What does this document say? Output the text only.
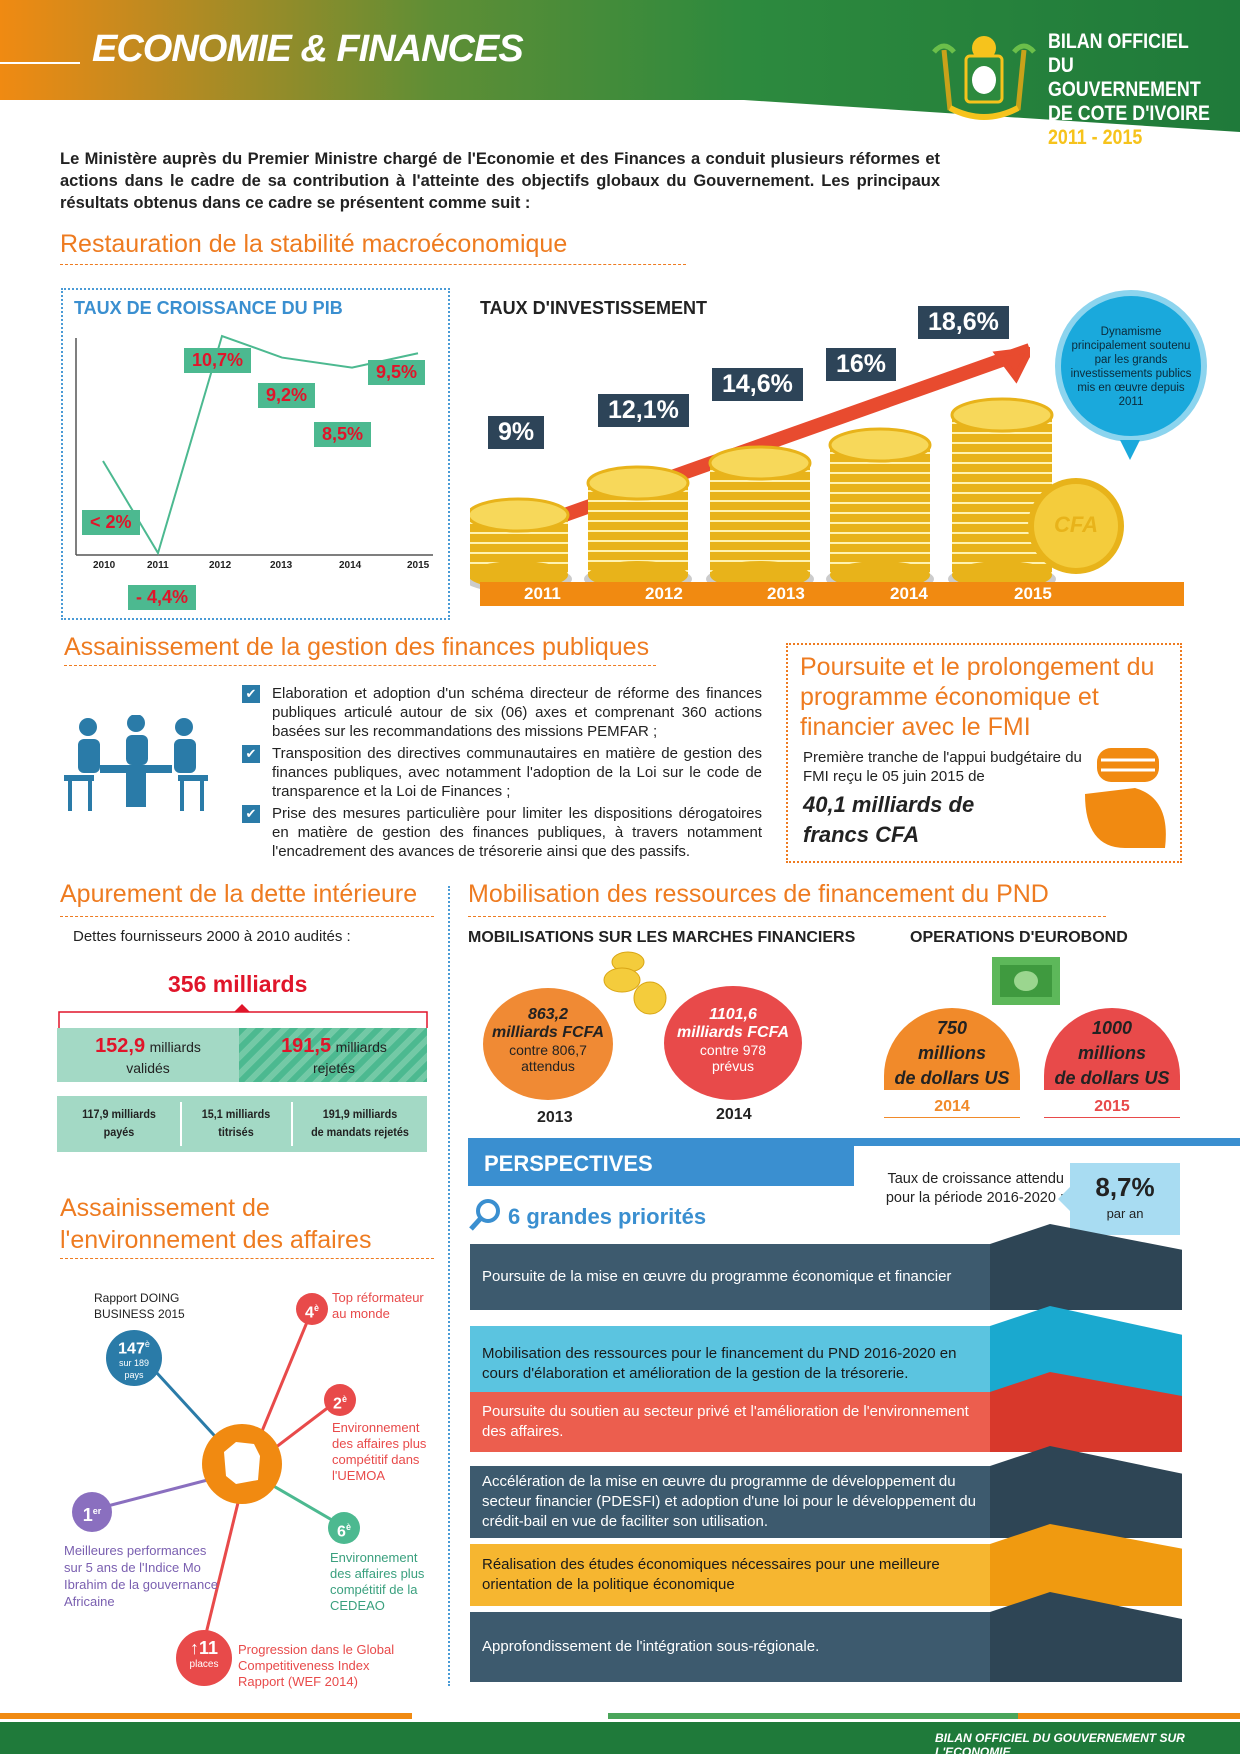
ECONOMIE & FINANCES	BILAN OFFICIEL
DU GOUVERNEMENT
DE COTE D'IVOIRE
2011 - 2015
Le Ministère auprès du Premier Ministre chargé de l'Economie et des Finances a conduit plusieurs réformes et actions dans le cadre de sa contribution à l'atteinte des objectifs globaux du Gouvernement. Les principaux résultats obtenus dans ce cadre se présentent comme suit :
Restauration de la stabilité macroéconomique
TAUX DE CROISSANCE DU PIB
< 2%
- 4,4%
10,7%
9,2%
8,5%
9,5%
2010	2011	2012	2013	2014	2015
TAUX D'INVESTISSEMENT
9%
12,1%
14,6%
16%
18,6%
2011	2012	2013	2014	2015
CFA
Dynamisme principalement soutenu par les grands investissements publics mis en œuvre depuis 2011
Assainissement de la gestion des finances publiques
✔ Elaboration et adoption d'un schéma directeur de réforme des finances publiques articulé autour de six (06) axes et comprenant 360 actions basées sur les recommandations des missions PEMFAR ;
✔ Transposition des directives communautaires en matière de gestion des finances publiques, avec notamment l'adoption de la Loi sur le code de transparence et la Loi de Finances ;
✔ Prise des mesures particulière pour limiter les dispositions dérogatoires en matière de gestion des finances publiques, à travers notamment l'encadrement des avances de trésorerie ainsi que des passifs.
Poursuite et le prolongement du programme économique et financier avec le FMI
Première tranche de l'appui budgétaire du FMI reçu le 05 juin 2015 de
40,1 milliards de francs CFA
Apurement de la dette intérieure
Dettes fournisseurs 2000 à 2010 audités :
356 milliards
152,9 milliards
validés
191,5 milliards
rejetés
117,9 milliards
payés
15,1 milliards
titrisés
191,9 milliards
de mandats rejetés
Mobilisation des ressources de financement du PND
MOBILISATIONS SUR LES MARCHES FINANCIERS	OPERATIONS D'EUROBOND
863,2
milliards FCFA
contre 806,7
attendus
2013
1101,6
milliards FCFA
contre 978
prévus
2014
750
millions
de dollars US
2014
1000
millions
de dollars US
2015
PERSPECTIVES
Taux de croissance attendu pour la période 2016-2020 :	8,7%
par an
6 grandes priorités
Poursuite de la mise en œuvre du programme économique et financier
Mobilisation des ressources pour le financement du PND 2016-2020 en cours d'élaboration et amélioration de la gestion de la trésorerie.
Poursuite du soutien au secteur privé et l'amélioration de l'environnement des affaires.
Accélération de la mise en œuvre du programme de développement du secteur financier (PDESFI) et adoption d'une loi pour le développement du crédit-bail en vue de faciliter son utilisation.
Réalisation des études économiques nécessaires pour une meilleure orientation de la politique économique
Approfondissement de l'intégration sous-régionale.
Assainissement de
l'environnement des affaires
Rapport DOING BUSINESS 2015
$147^è$
sur 189 pays
$4^è$
Top réformateur au monde
$2^è$
Environnement des affaires plus compétitif dans l'UEMOA
$6^è$
Environnement des affaires plus compétitif de la CEDEAO
1er
Meilleures performances sur 5 ans de l'Indice Mo Ibrahim de la gouvernance Africaine
↑11
places
Progression dans le Global Competitiveness Index Rapport (WEF 2014)
BILAN OFFICIEL DU GOUVERNEMENT SUR L'ECONOMIE
